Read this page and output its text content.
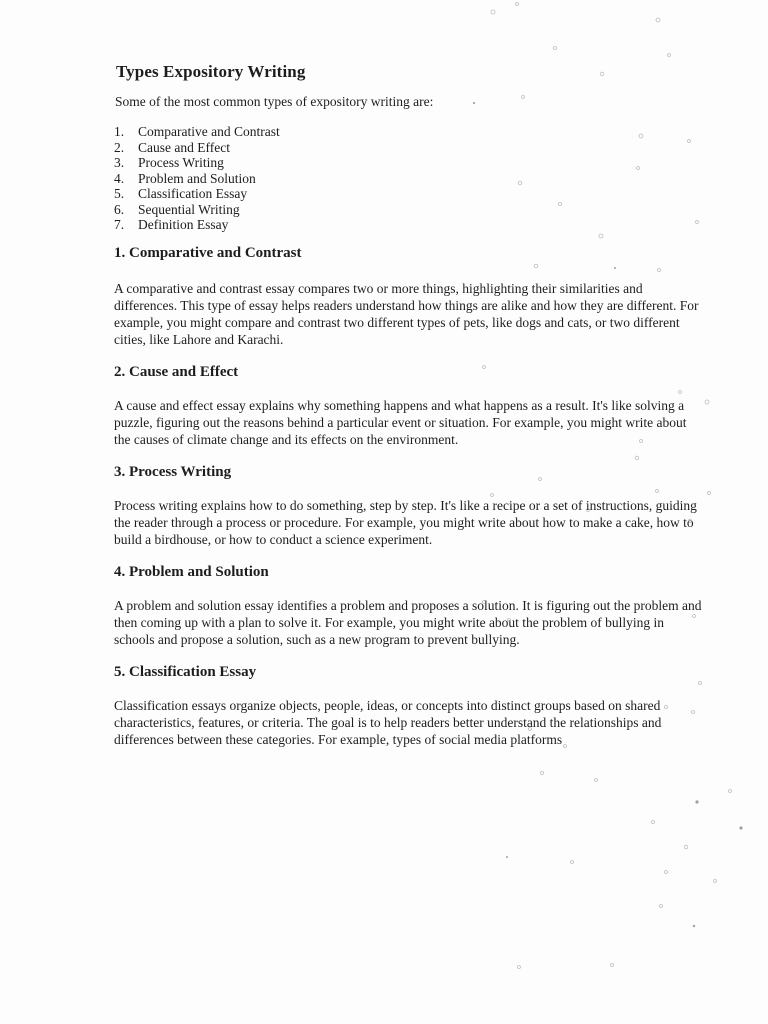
Types Expository Writing

Some of the most common types of expository writing are:

1.	Comparative and Contrast
2.	Cause and Effect
3.	Process Writing
4.	Problem and Solution
5.	Classification Essay
6.	Sequential Writing
7.	Definition Essay
1. Comparative and Contrast

A comparative and contrast essay compares two or more things, highlighting their similarities and differences. This type of essay helps readers understand how things are alike and how they are different. For example, you might compare and contrast two different types of pets, like dogs and cats, or two different cities, like Lahore and Karachi.

2. Cause and Effect

A cause and effect essay explains why something happens and what happens as a result. It's like solving a puzzle, figuring out the reasons behind a particular event or situation. For example, you might write about the causes of climate change and its effects on the environment.

3. Process Writing

Process writing explains how to do something, step by step. It's like a recipe or a set of instructions, guiding the reader through a process or procedure. For example, you might write about how to make a cake, how to build a birdhouse, or how to conduct a science experiment.

4. Problem and Solution

A problem and solution essay identifies a problem and proposes a solution. It is figuring out the problem and then coming up with a plan to solve it. For example, you might write about the problem of bullying in schools and propose a solution, such as a new program to prevent bullying.

5. Classification Essay

Classification essays organize objects, people, ideas, or concepts into distinct groups based on shared characteristics, features, or criteria. The goal is to help readers better understand the relationships and differences between these categories. For example, types of social media platforms
